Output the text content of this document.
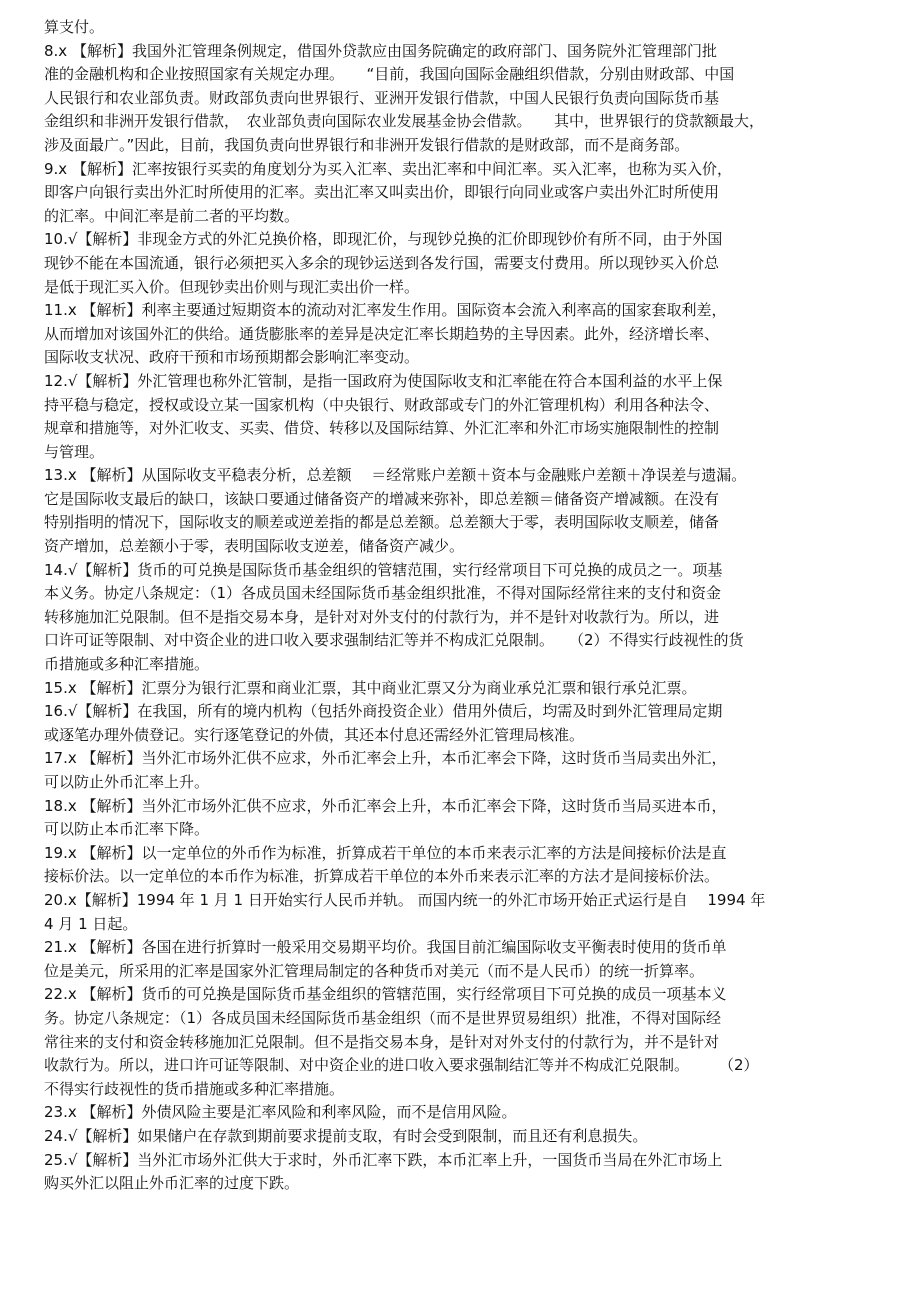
算支付。
8.x 【解析】我国外汇管理条例规定，借国外贷款应由国务院确定的政府部门、国务院外汇管理部门批
准的金融机构和企业按照国家有关规定办理。　　“目前，我国向国际金融组织借款，分别由财政部、中国
人民银行和农业部负责。财政部负责向世界银行、亚洲开发银行借款，中国人民银行负责向国际货币基
金组织和非洲开发银行借款，　农业部负责向国际农业发展基金协会借款。　　其中，世界银行的贷款额最大，
涉及面最广。”因此，目前，我国负责向世界银行和非洲开发银行借款的是财政部，而不是商务部。
9.x 【解析】汇率按银行买卖的角度划分为买入汇率、卖出汇率和中间汇率。买入汇率，也称为买入价，
即客户向银行卖出外汇时所使用的汇率。卖出汇率又叫卖出价，即银行向同业或客户卖出外汇时所使用
的汇率。中间汇率是前二者的平均数。
10.√【解析】非现金方式的外汇兑换价格，即现汇价，与现钞兑换的汇价即现钞价有所不同，由于外国
现钞不能在本国流通，银行必须把买入多余的现钞运送到各发行国，需要支付费用。所以现钞买入价总
是低于现汇买入价。但现钞卖出价则与现汇卖出价一样。
11.x 【解析】利率主要通过短期资本的流动对汇率发生作用。国际资本会流入利率高的国家套取利差，
从而增加对该国外汇的供给。通货膨胀率的差异是决定汇率长期趋势的主导因素。此外，经济增长率、
国际收支状况、政府干预和市场预期都会影响汇率变动。
12.√【解析】外汇管理也称外汇管制，是指一国政府为使国际收支和汇率能在符合本国利益的水平上保
持平稳与稳定，授权或设立某一国家机构（中央银行、财政部或专门的外汇管理机构）利用各种法令、
规章和措施等，对外汇收支、买卖、借贷、转移以及国际结算、外汇汇率和外汇市场实施限制性的控制
与管理。
13.x 【解析】从国际收支平稳表分析，总差额　 ＝经常账户差额＋资本与金融账户差额＋净误差与遗漏。
它是国际收支最后的缺口，该缺口要通过储备资产的增减来弥补，即总差额＝储备资产增减额。在没有
特别指明的情况下，国际收支的顺差或逆差指的都是总差额。总差额大于零，表明国际收支顺差，储备
资产增加，总差额小于零，表明国际收支逆差，储备资产减少。
14.√【解析】货币的可兑换是国际货币基金组织的管辖范围，实行经常项目下可兑换的成员之一。项基
本义务。协定八条规定：（1）各成员国未经国际货币基金组织批准，不得对国际经常往来的支付和资金
转移施加汇兑限制。但不是指交易本身，是针对对外支付的付款行为，并不是针对收款行为。所以，进
口许可证等限制、对中资企业的进口收入要求强制结汇等并不构成汇兑限制。　　（2）不得实行歧视性的货
币措施或多种汇率措施。
15.x 【解析】汇票分为银行汇票和商业汇票，其中商业汇票又分为商业承兑汇票和银行承兑汇票。
16.√【解析】在我国，所有的境内机构（包括外商投资企业）借用外债后，均需及时到外汇管理局定期
或逐笔办理外债登记。实行逐笔登记的外债，其还本付息还需经外汇管理局核准。
17.x 【解析】当外汇市场外汇供不应求，外币汇率会上升，本币汇率会下降，这时货币当局卖出外汇，
可以防止外币汇率上升。
18.x 【解析】当外汇市场外汇供不应求，外币汇率会上升，本币汇率会下降，这时货币当局买进本币，
可以防止本币汇率下降。
19.x 【解析】以一定单位的外币作为标准，折算成若干单位的本币来表示汇率的方法是间接标价法是直
接标价法。以一定单位的本币作为标准，折算成若干单位的本外币来表示汇率的方法才是间接标价法。
20.x【解析】1994 年 1 月 1 日开始实行人民币并轨。 而国内统一的外汇市场开始正式运行是自　 1994 年
4 月 1 日起。
21.x 【解析】各国在进行折算时一般采用交易期平均价。我国目前汇编国际收支平衡表时使用的货币单
位是美元，所采用的汇率是国家外汇管理局制定的各种货币对美元（而不是人民币）的统一折算率。
22.x 【解析】货币的可兑换是国际货币基金组织的管辖范围，实行经常项目下可兑换的成员一项基本义
务。协定八条规定：（1）各成员国未经国际货币基金组织（而不是世界贸易组织）批准，不得对国际经
常往来的支付和资金转移施加汇兑限制。但不是指交易本身，是针对对外支付的付款行为，并不是针对
收款行为。所以，进口许可证等限制、对中资企业的进口收入要求强制结汇等并不构成汇兑限制。　　　（2）
不得实行歧视性的货币措施或多种汇率措施。
23.x 【解析】外债风险主要是汇率风险和利率风险，而不是信用风险。
24.√【解析】如果储户在存款到期前要求提前支取，有时会受到限制，而且还有利息损失。
25.√【解析】当外汇市场外汇供大于求时，外币汇率下跌，本币汇率上升，一国货币当局在外汇市场上
购买外汇以阻止外币汇率的过度下跌。
